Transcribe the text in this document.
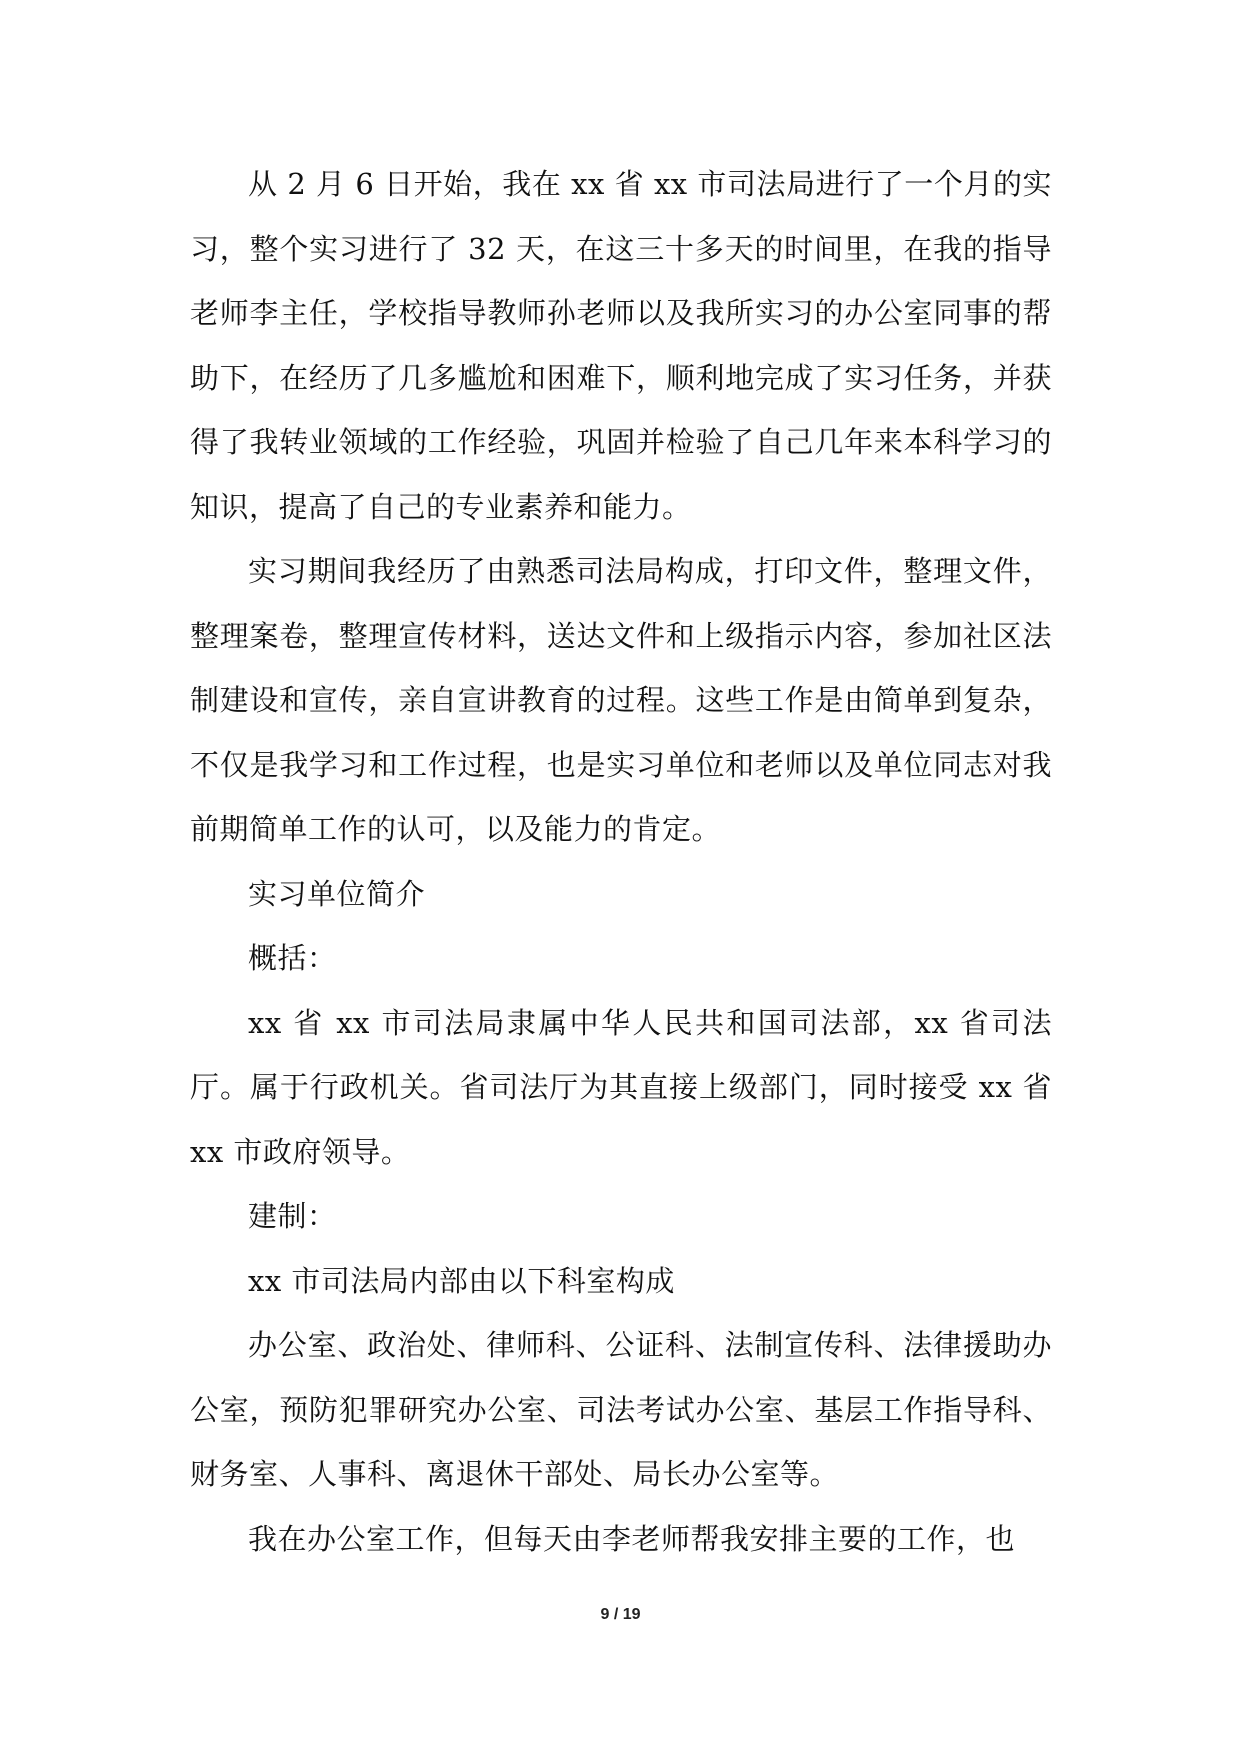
从 2 月 6 日开始，我在 xx 省 xx 市司法局进行了一个月的实习，整个实习进行了 32 天，在这三十多天的时间里，在我的指导老师李主任，学校指导教师孙老师以及我所实习的办公室同事的帮助下，在经历了几多尴尬和困难下，顺利地完成了实习任务，并获得了我转业领域的工作经验，巩固并检验了自己几年来本科学习的知识，提高了自己的专业素养和能力。

实习期间我经历了由熟悉司法局构成，打印文件，整理文件，整理案卷，整理宣传材料，送达文件和上级指示内容，参加社区法制建设和宣传，亲自宣讲教育的过程。这些工作是由简单到复杂，不仅是我学习和工作过程，也是实习单位和老师以及单位同志对我前期简单工作的认可，以及能力的肯定。

实习单位简介

概括：

xx 省 xx 市司法局隶属中华人民共和国司法部，xx 省司法厅。属于行政机关。省司法厅为其直接上级部门，同时接受 xx 省 xx 市政府领导。

建制：

xx 市司法局内部由以下科室构成

办公室、政治处、律师科、公证科、法制宣传科、法律援助办公室，预防犯罪研究办公室、司法考试办公室、基层工作指导科、财务室、人事科、离退休干部处、局长办公室等。

我在办公室工作，但每天由李老师帮我安排主要的工作，也

9 / 19
